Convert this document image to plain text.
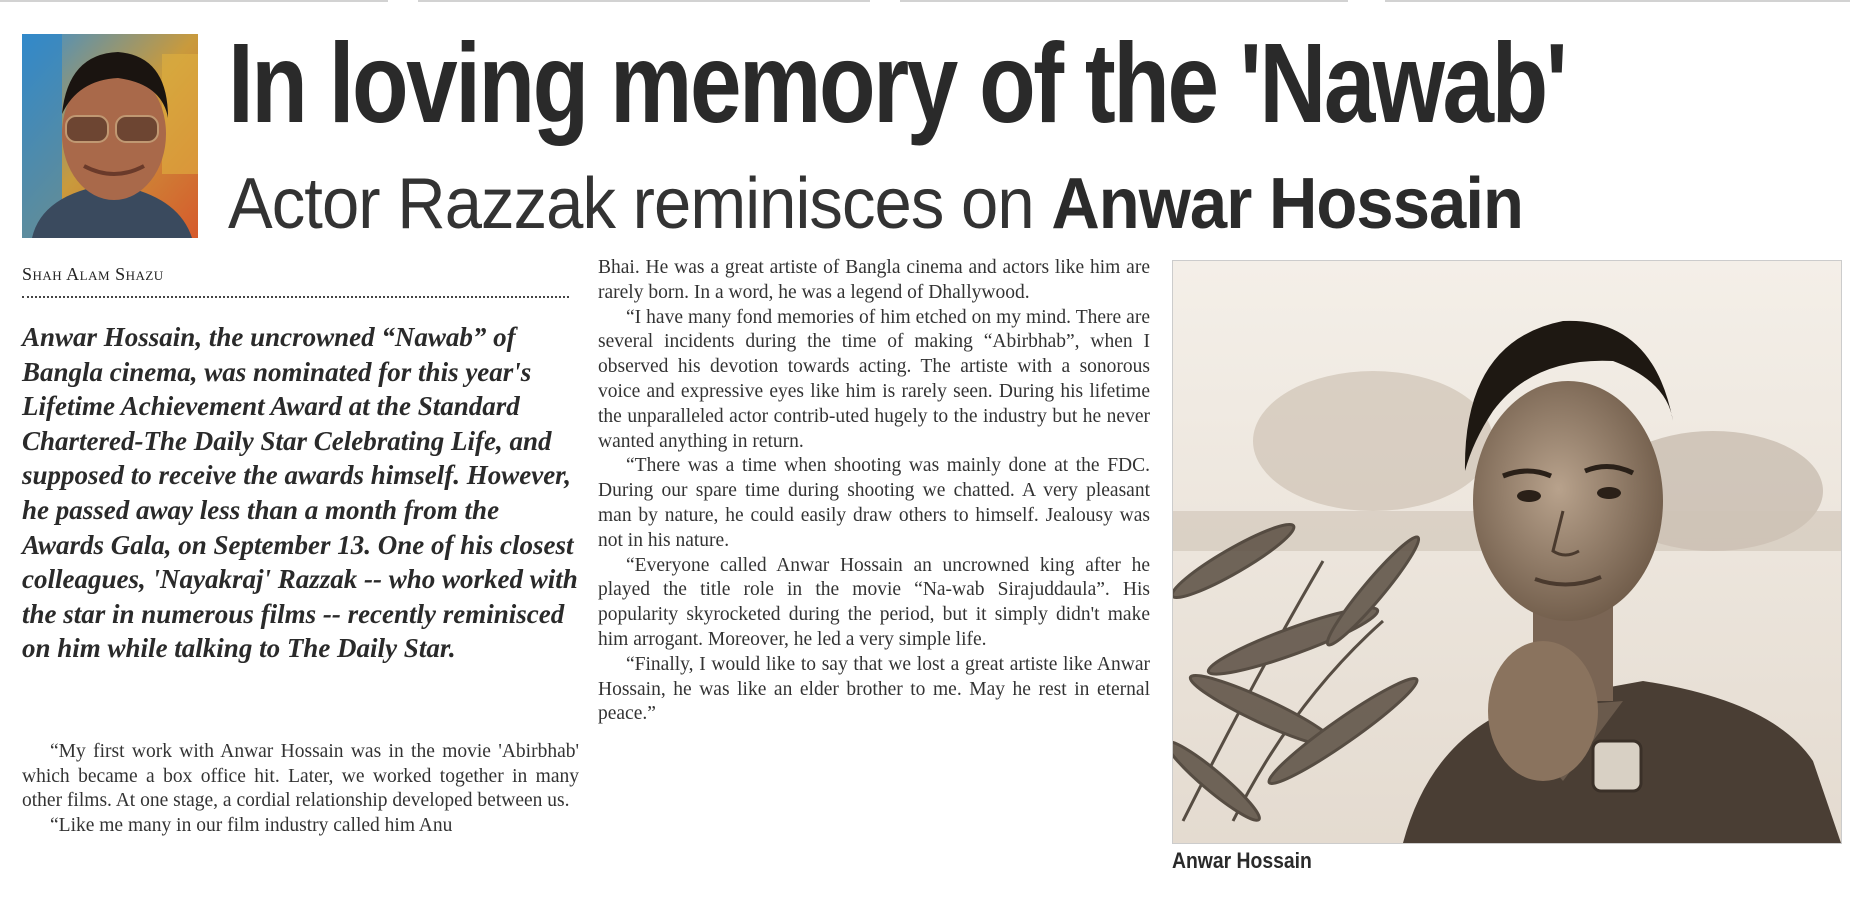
In loving memory of the 'Nawab'
Actor Razzak reminisces on Anwar Hossain
Shah Alam Shazu
Anwar Hossain, the uncrowned “Nawab” of Bangla cinema, was nominated for this year's Lifetime Achievement Award at the Standard Chartered-The Daily Star Celebrating Life, and supposed to receive the awards himself. However, he passed away less than a month from the Awards Gala, on September 13. One of his closest colleagues, 'Nayakraj' Razzak -- who worked with the star in numerous films -- recently reminisced on him while talking to The Daily Star.

“My first work with Anwar Hossain was in the movie 'Abirbhab' which became a box office hit. Later, we worked together in many other films. At one stage, a cordial relationship developed between us.

“Like me many in our film industry called him Anu

Bhai. He was a great artiste of Bangla cinema and actors like him are rarely born. In a word, he was a legend of Dhallywood.

“I have many fond memories of him etched on my mind. There are several incidents during the time of making “Abirbhab”, when I observed his devotion towards acting. The artiste with a sonorous voice and expressive eyes like him is rarely seen. During his lifetime the unparalleled actor contrib-uted hugely to the industry but he never wanted anything in return.

“There was a time when shooting was mainly done at the FDC. During our spare time during shooting we chatted. A very pleasant man by nature, he could easily draw others to himself. Jealousy was not in his nature.

“Everyone called Anwar Hossain an uncrowned king after he played the title role in the movie “Na-wab Sirajuddaula”. His popularity skyrocketed during the period, but it simply didn't make him arrogant. Moreover, he led a very simple life.

“Finally, I would like to say that we lost a great artiste like Anwar Hossain, he was like an elder brother to me. May he rest in eternal peace.”

Anwar Hossain
